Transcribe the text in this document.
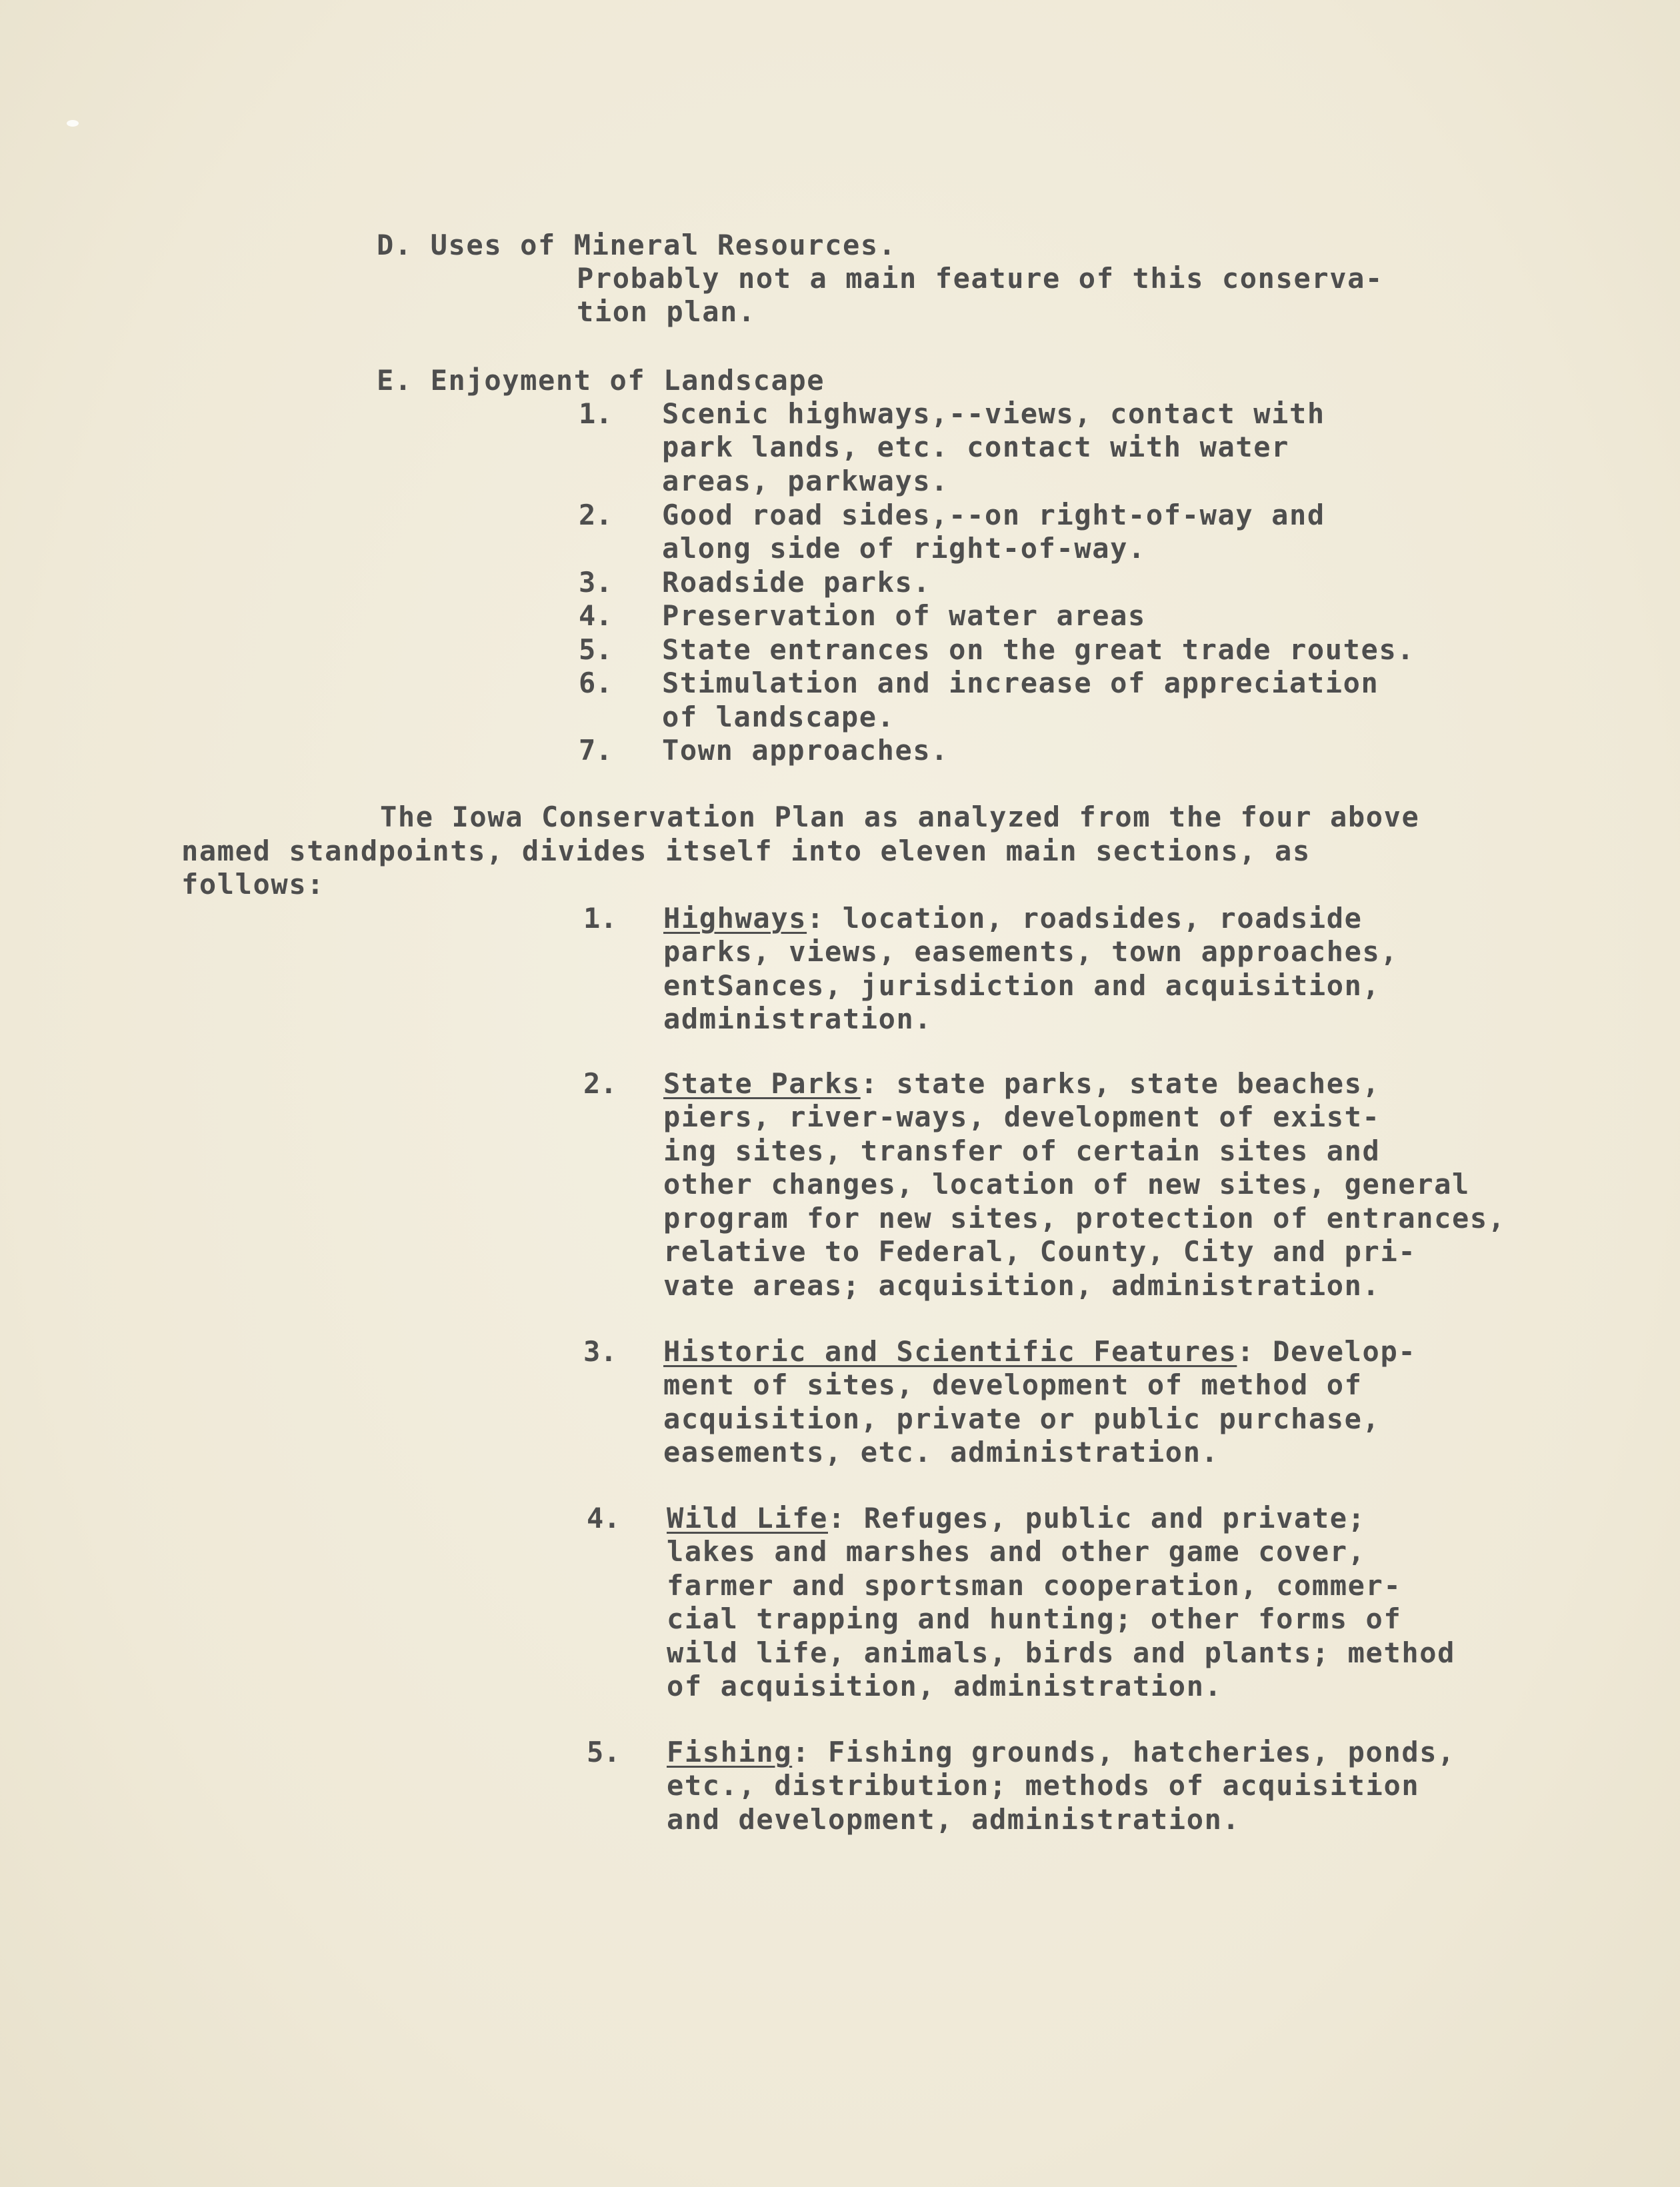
D. Uses of Mineral Resources.
Probably not a main feature of this conserva-
tion plan.
E. Enjoyment of Landscape
1. Scenic highways,--views, contact with
park lands, etc. contact with water
areas, parkways.
2. Good road sides,--on right-of-way and
along side of right-of-way.
3. Roadside parks.
4. Preservation of water areas
5. State entrances on the great trade routes.
6. Stimulation and increase of appreciation
of landscape.
7. Town approaches.
The Iowa Conservation Plan as analyzed from the four above
named standpoints, divides itself into eleven main sections, as
follows:
1. Highways: location, roadsides, roadside
parks, views, easements, town approaches,
entSances, jurisdiction and acquisition,
administration.
2. State Parks: state parks, state beaches,
piers, river-ways, development of exist-
ing sites, transfer of certain sites and
other changes, location of new sites, general
program for new sites, protection of entrances,
relative to Federal, County, City and pri-
vate areas; acquisition, administration.
3. Historic and Scientific Features: Develop-
ment of sites, development of method of
acquisition, private or public purchase,
easements, etc. administration.
4. Wild Life: Refuges, public and private;
lakes and marshes and other game cover,
farmer and sportsman cooperation, commer-
cial trapping and hunting; other forms of
wild life, animals, birds and plants; method
of acquisition, administration.
5. Fishing: Fishing grounds, hatcheries, ponds,
etc., distribution; methods of acquisition
and development, administration.
